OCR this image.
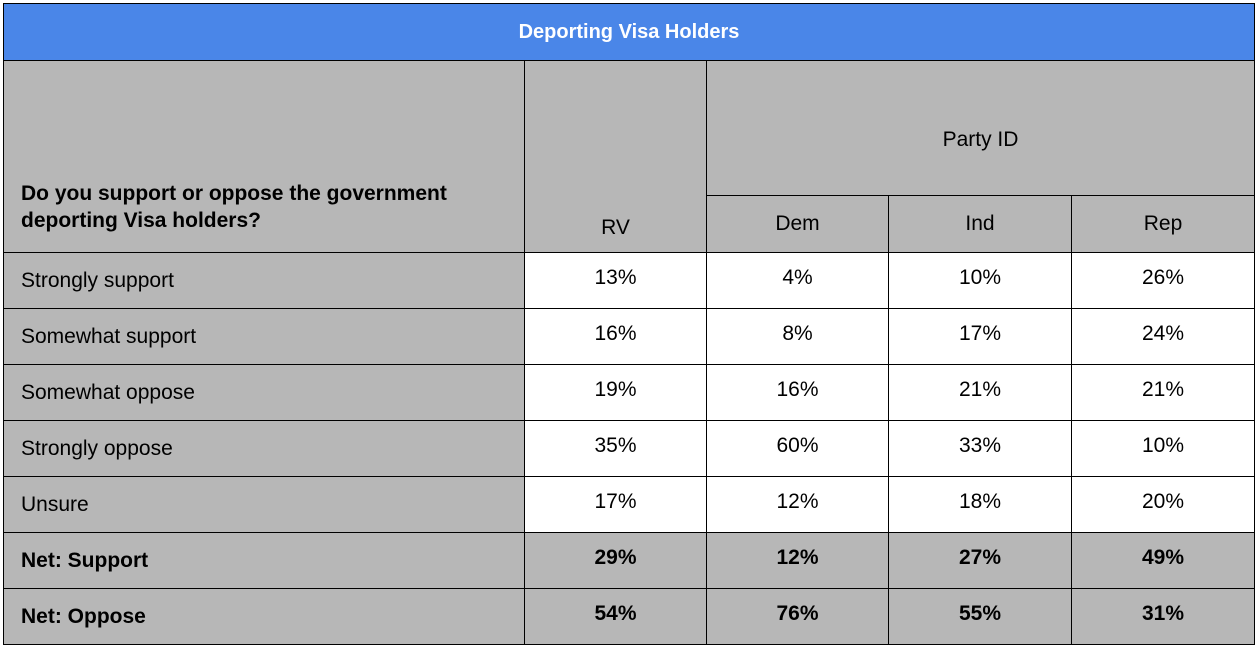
Deporting Visa Holders				
Do you support or oppose the government deporting Visa holders?	RV	Party ID		
		Dem	Ind	Rep
Strongly support	13%	4%	10%	26%
Somewhat support	16%	8%	17%	24%
Somewhat oppose	19%	16%	21%	21%
Strongly oppose	35%	60%	33%	10%
Unsure	17%	12%	18%	20%
Net: Support	29%	12%	27%	49%
Net: Oppose	54%	76%	55%	31%
